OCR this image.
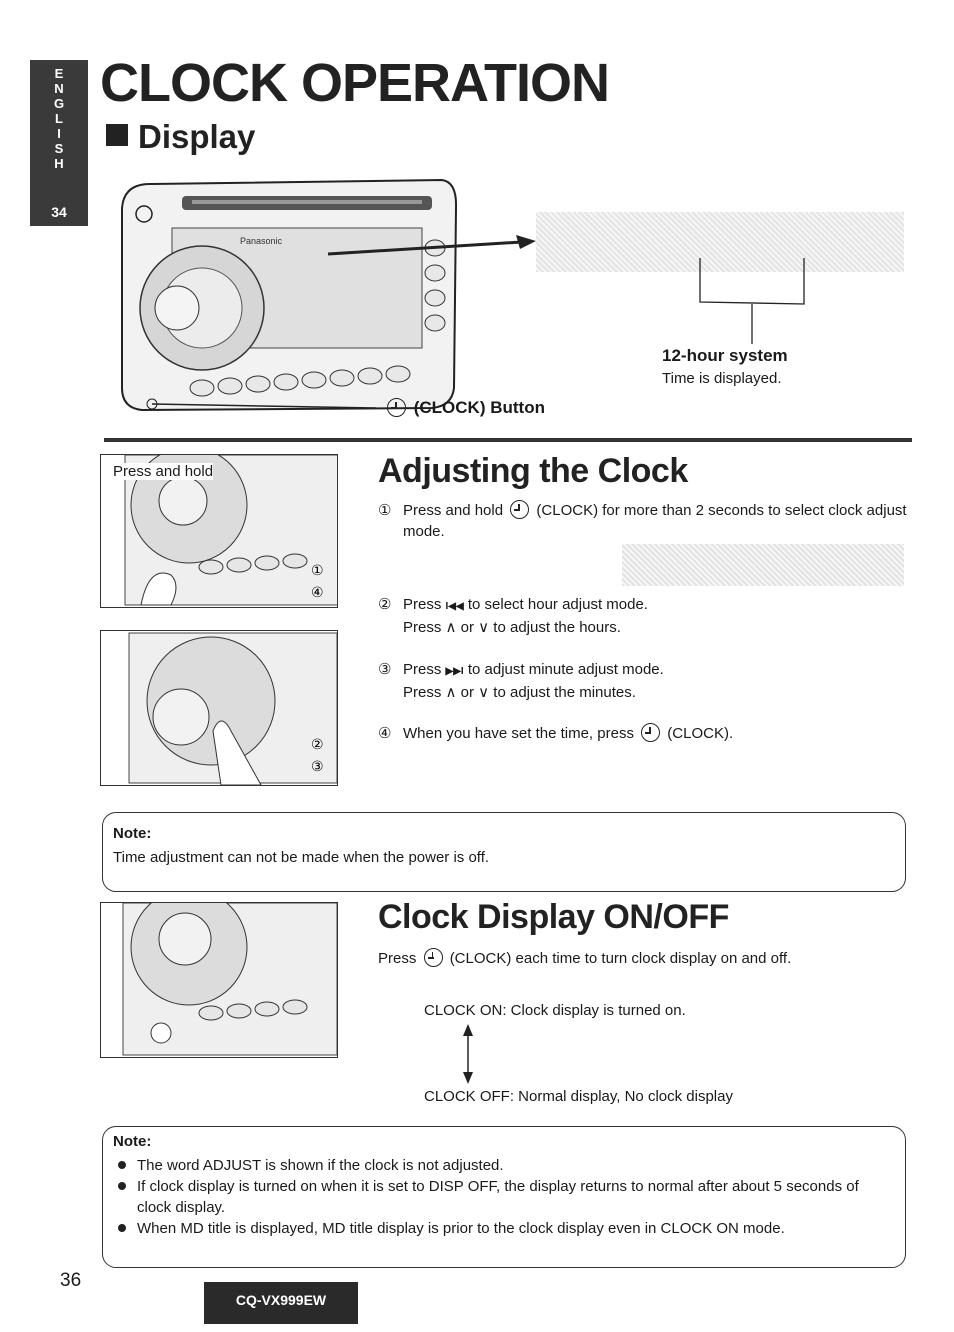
E
N
G
L
I
S
H
34
CLOCK OPERATION
Display
Panasonic
12-hour system
Time is displayed.
(CLOCK) Button
①
④
Press and hold
②
③
Adjusting the Clock
① Press and hold (CLOCK) for more than 2 seconds to select clock adjust mode.
② Press I◀◀ to select hour adjust mode.
Press ∧ or ∨ to adjust the hours.
③ Press ▶▶I to adjust minute adjust mode.
Press ∧ or ∨ to adjust the minutes.
④ When you have set the time, press (CLOCK).
Note:
Time adjustment can not be made when the power is off.
Clock Display ON/OFF
Press (CLOCK) each time to turn clock display on and off.
CLOCK ON: Clock display is turned on.
CLOCK OFF: Normal display, No clock display
Note:
The word ADJUST is shown if the clock is not adjusted.
If clock display is turned on when it is set to DISP OFF, the display returns to normal after about 5 seconds of clock display.
When MD title is displayed, MD title display is prior to the clock display even in CLOCK ON mode.
36
CQ-VX999EW
